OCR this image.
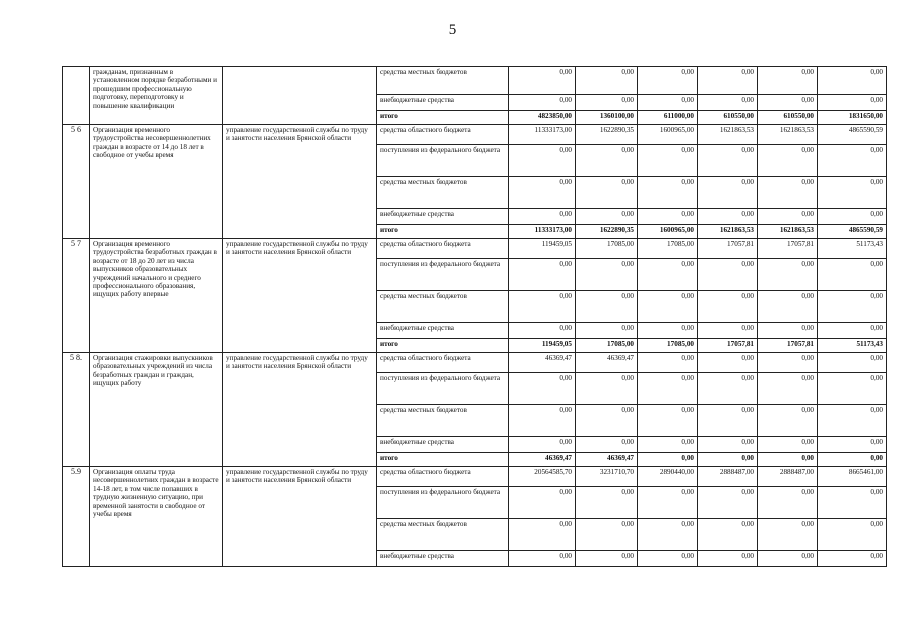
5
	гражданам, признанным в установленном порядке безработными и прошедшим профессиональную подготовку, переподготовку и повышение квалификации		средства местных бюджетов	0,00	0,00	0,00	0,00	0,00	0,00
			внебюджетные средства	0,00	0,00	0,00	0,00	0,00	0,00
			итого	4823850,00	1360100,00	611000,00	610550,00	610550,00	1831650,00
5 6	Организация временного трудоустройства несовершеннолетних граждан в возрасте от 14 до 18 лет в свободное от учебы время	управление государственной службы по труду и занятости населения Брянской области	средства областного бюджета	11333173,00	1622890,35	1600965,00	1621863,53	1621863,53	4865590,59
			поступления из федерального бюджета	0,00	0,00	0,00	0,00	0,00	0,00
			средства местных бюджетов	0,00	0,00	0,00	0,00	0,00	0,00
			внебюджетные средства	0,00	0,00	0,00	0,00	0,00	0,00
			итого	11333173,00	1622890,35	1600965,00	1621863,53	1621863,53	4865590,59
5 7	Организация временного трудоустройства безработных граждан в возрасте от 18 до 20 лет из числа выпускников образовательных учреждений начального и среднего профессионального образования, ищущих работу впервые	управление государственной службы по труду и занятости населения Брянской области	средства областного бюджета	119459,05	17085,00	17085,00	17057,81	17057,81	51173,43
			поступления из федерального бюджета	0,00	0,00	0,00	0,00	0,00	0,00
			средства местных бюджетов	0,00	0,00	0,00	0,00	0,00	0,00
			внебюджетные средства	0,00	0,00	0,00	0,00	0,00	0,00
			итого	119459,05	17085,00	17085,00	17057,81	17057,81	51173,43
5 8.	Организация стажировки выпускников образовательных учреждений из числа безработных граждан и граждан, ищущих работу	управление государственной службы по труду и занятости населения Брянской области	средства областного бюджета	46369,47	46369,47	0,00	0,00	0,00	0,00
			поступления из федерального бюджета	0,00	0,00	0,00	0,00	0,00	0,00
			средства местных бюджетов	0,00	0,00	0,00	0,00	0,00	0,00
			внебюджетные средства	0,00	0,00	0,00	0,00	0,00	0,00
			итого	46369,47	46369,47	0,00	0,00	0,00	0,00
5.9	Организация оплаты труда несовершеннолетних граждан в возрасте 14-18 лет, в том числе попавших в трудную жизненную ситуацию, при временной занятости в свободное от учебы время	управление государственной службы по труду и занятости населения Брянской области	средства областного бюджета	20564585,70	3231710,70	2890440,00	2888487,00	2888487,00	8665461,00
			поступления из федерального бюджета	0,00	0,00	0,00	0,00	0,00	0,00
			средства местных бюджетов	0,00	0,00	0,00	0,00	0,00	0,00
			внебюджетные средства	0,00	0,00	0,00	0,00	0,00	0,00
